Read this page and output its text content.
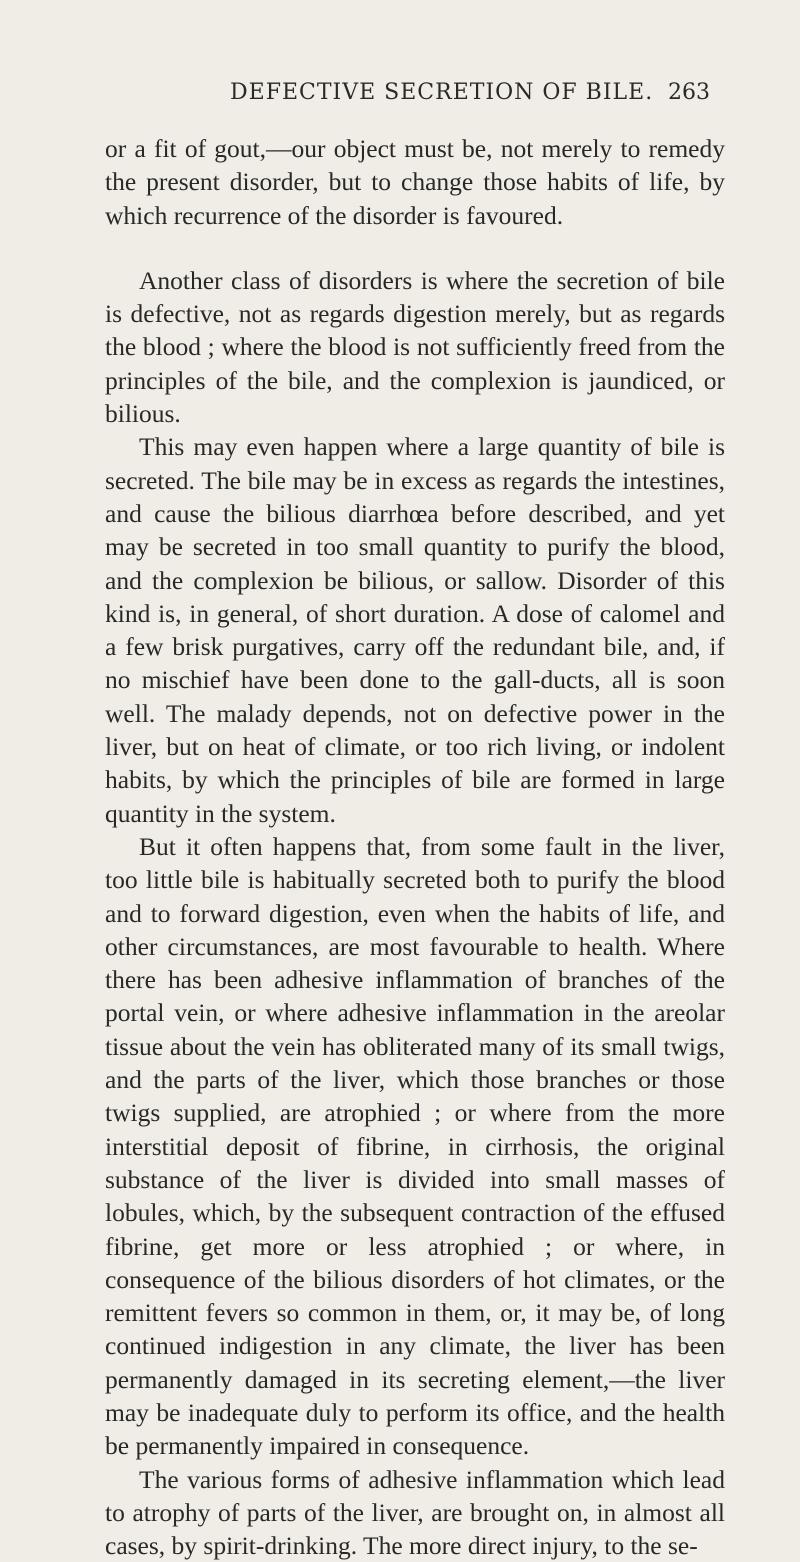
DEFECTIVE SECRETION OF BILE. 263

or a fit of gout,—our object must be, not merely to remedy the present disorder, but to change those habits of life, by which recurrence of the disorder is favoured.

Another class of disorders is where the secretion of bile is defective, not as regards digestion merely, but as regards the blood ; where the blood is not sufficiently freed from the principles of the bile, and the complexion is jaundiced, or bilious.

This may even happen where a large quantity of bile is secreted. The bile may be in excess as regards the intestines, and cause the bilious diarrhœa before described, and yet may be secreted in too small quantity to purify the blood, and the complexion be bilious, or sallow. Disorder of this kind is, in general, of short duration. A dose of calomel and a few brisk purgatives, carry off the redundant bile, and, if no mischief have been done to the gall-ducts, all is soon well. The malady depends, not on defective power in the liver, but on heat of climate, or too rich living, or indolent habits, by which the principles of bile are formed in large quantity in the system.

But it often happens that, from some fault in the liver, too little bile is habitually secreted both to purify the blood and to forward digestion, even when the habits of life, and other circumstances, are most favourable to health. Where there has been adhesive inflammation of branches of the portal vein, or where adhesive inflammation in the areolar tissue about the vein has obliterated many of its small twigs, and the parts of the liver, which those branches or those twigs supplied, are atrophied ; or where from the more interstitial deposit of fibrine, in cirrhosis, the original substance of the liver is divided into small masses of lobules, which, by the subsequent contraction of the effused fibrine, get more or less atrophied ; or where, in consequence of the bilious disorders of hot climates, or the remittent fevers so common in them, or, it may be, of long continued indigestion in any climate, the liver has been permanently damaged in its secreting element,—the liver may be inadequate duly to perform its office, and the health be permanently impaired in consequence.

The various forms of adhesive inflammation which lead to atrophy of parts of the liver, are brought on, in almost all cases, by spirit-drinking. The more direct injury, to the se-
